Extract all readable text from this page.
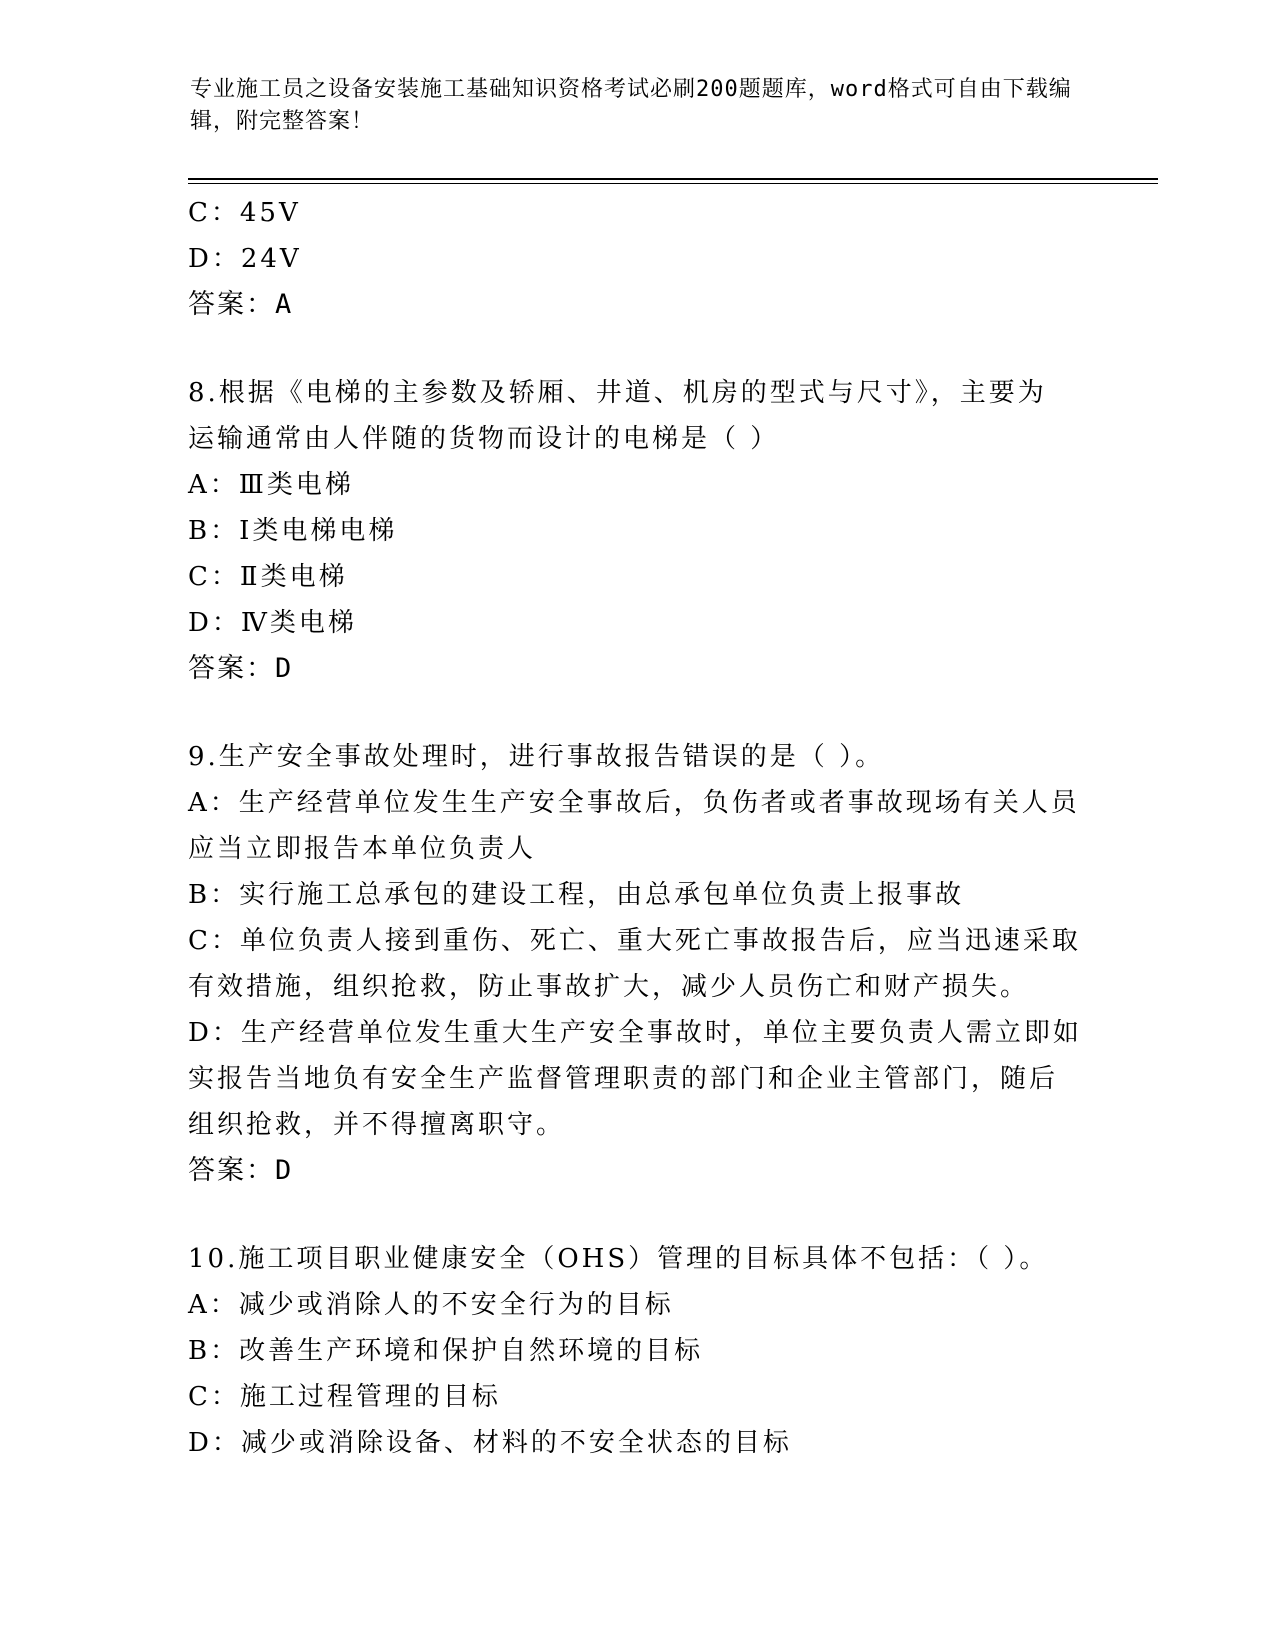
专业施工员之设备安装施工基础知识资格考试必刷200题题库，word格式可自由下载编辑，附完整答案！
C：45V
D：24V
答案：A
8.根据《电梯的主参数及轿厢、井道、机房的型式与尺寸》，主要为
运输通常由人伴随的货物而设计的电梯是（ ）
A：Ⅲ类电梯
B：Ⅰ类电梯电梯
C：Ⅱ类电梯
D：Ⅳ类电梯
答案：D
9.生产安全事故处理时，进行事故报告错误的是（ ）。
A：生产经营单位发生生产安全事故后，负伤者或者事故现场有关人员
应当立即报告本单位负责人
B：实行施工总承包的建设工程，由总承包单位负责上报事故
C：单位负责人接到重伤、死亡、重大死亡事故报告后，应当迅速采取
有效措施，组织抢救，防止事故扩大，减少人员伤亡和财产损失。
D：生产经营单位发生重大生产安全事故时，单位主要负责人需立即如
实报告当地负有安全生产监督管理职责的部门和企业主管部门，随后
组织抢救，并不得擅离职守。
答案：D
10.施工项目职业健康安全（OHS）管理的目标具体不包括：（ ）。
A：减少或消除人的不安全行为的目标
B：改善生产环境和保护自然环境的目标
C：施工过程管理的目标
D：减少或消除设备、材料的不安全状态的目标
